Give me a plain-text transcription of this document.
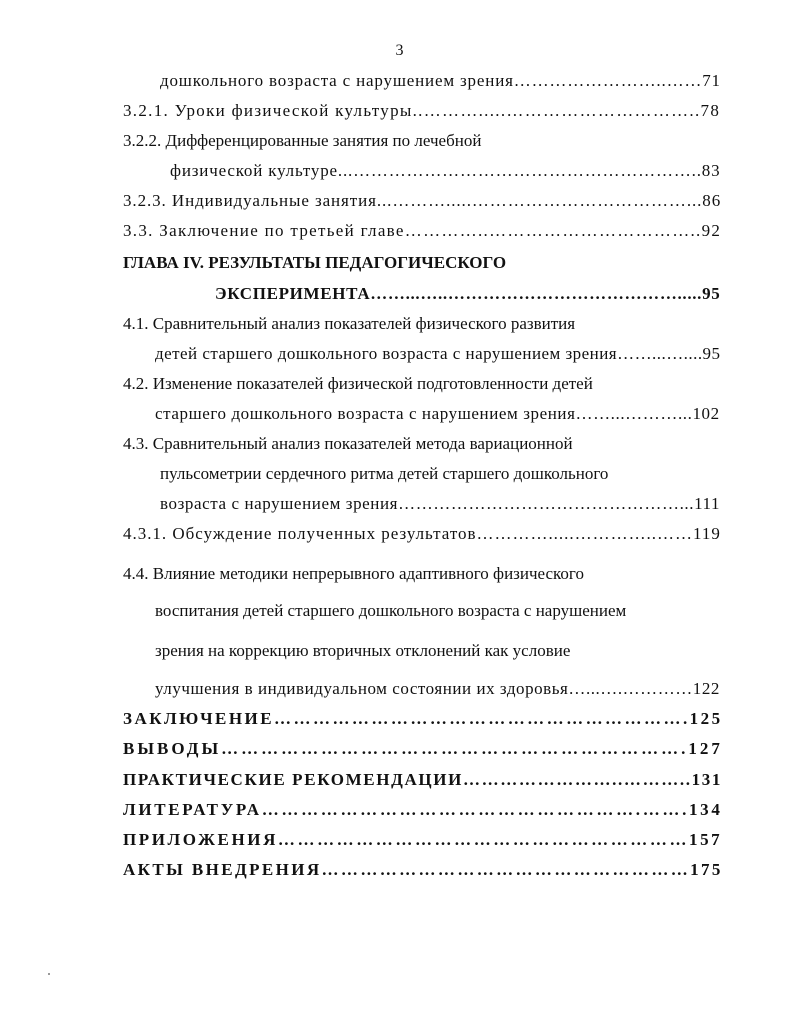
3
дошкольного возраста с нарушением зрения……………………..……71
3.2.1. Уроки физической культуры..……….....…………………………..78
3.2.2. Дифференцированные занятия по лечебной
физической культуре...…………………………………………………..83
3.2.3. Индивидуальные занятия...……….....………………………………...86
3.3. Заключение по третьей главе…………..……………………………..92
ГЛАВА IV. РЕЗУЛЬТАТЫ ПЕДАГОГИЧЕСКОГО
ЭКСПЕРИМЕНТА……...…..………………………………….....95
4.1. Сравнительный анализ показателей физического развития
детей старшего дошкольного возраста с нарушением зрения……...…....95
4.2. Изменение показателей физической подготовленности детей
старшего дошкольного возраста с нарушением зрения……...………...102
4.3. Сравнительный анализ показателей метода вариационной
пульсометрии сердечного ритма детей старшего дошкольного
возраста с нарушением зрения…………………………………………...111
4.3.1. Обсуждение полученных результатов………….....…………..……119
4.4. Влияние методики непрерывного адаптивного физического
воспитания детей старшего дошкольного возраста с нарушением
зрения на коррекцию вторичных отклонений как условие
улучшения в индивидуальном состоянии их здоровья…...….…………122
ЗАКЛЮЧЕНИЕ……………………………………………………….125
ВЫВОДЫ…………………………………………………………….127
ПРАКТИЧЕСКИЕ РЕКОМЕНДАЦИИ……………………..………..131
ЛИТЕРАТУРА………………………………………………….…….134
ПРИЛОЖЕНИЯ………………………………………………………157
АКТЫ ВНЕДРЕНИЯ…………………………………………………175
